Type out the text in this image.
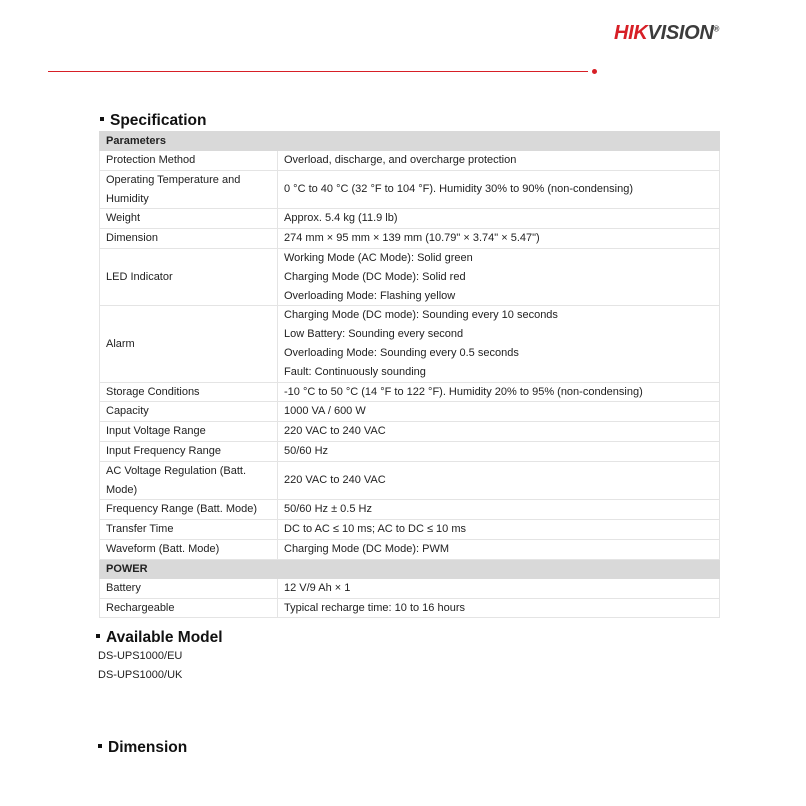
HIKVISION®
Specification
Parameters	

Protection Method	Overload, discharge, and overcharge protection

Operating Temperature and
Humidity	0 °C to 40 °C (32 °F to 104 °F). Humidity 30% to 90% (non-condensing)

Weight	Approx. 5.4 kg (11.9 lb)

Dimension	274 mm × 95 mm × 139 mm (10.79" × 3.74" × 5.47")

LED Indicator	Working Mode (AC Mode): Solid green
Charging Mode (DC Mode): Solid red
Overloading Mode: Flashing yellow

Alarm	Charging Mode (DC mode): Sounding every 10 seconds
Low Battery: Sounding every second
Overloading Mode: Sounding every 0.5 seconds
Fault: Continuously sounding

Storage Conditions	-10 °C to 50 °C (14 °F to 122 °F). Humidity 20% to 95% (non-condensing)

Capacity	1000 VA / 600 W

Input Voltage Range	220 VAC to 240 VAC

Input Frequency Range	50/60 Hz

AC Voltage Regulation (Batt.
Mode)	220 VAC to 240 VAC

Frequency Range (Batt. Mode)	50/60 Hz ± 0.5 Hz

Transfer Time	DC to AC ≤ 10 ms; AC to DC ≤ 10 ms

Waveform (Batt. Mode)	Charging Mode (DC Mode): PWM

POWER	

Battery	12 V/9 Ah × 1

Rechargeable	Typical recharge time: 10 to 16 hours
Available Model
DS-UPS1000/EU
DS-UPS1000/UK
Dimension
